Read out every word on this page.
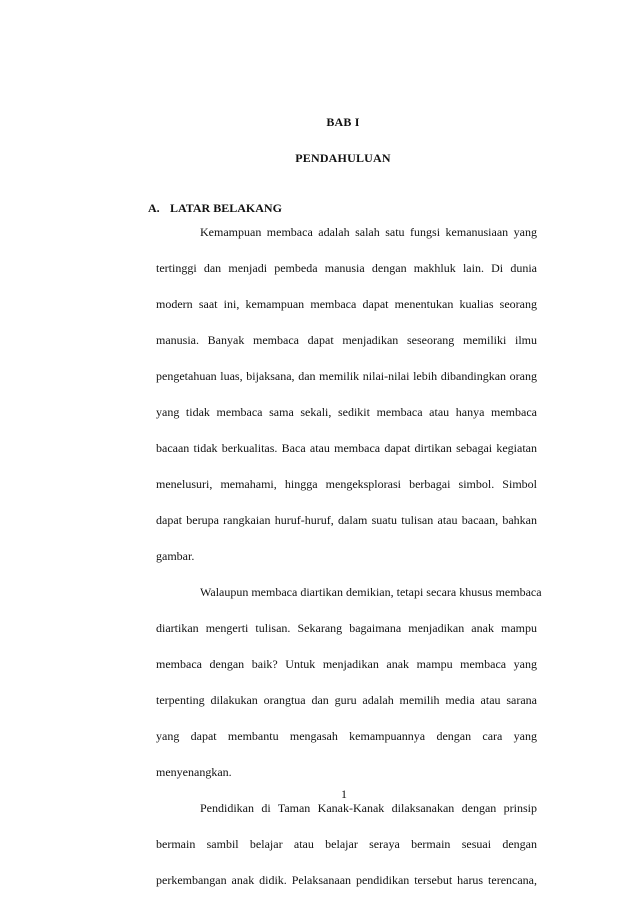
BAB I
PENDAHULUAN
A. LATAR BELAKANG
Kemampuan membaca adalah salah satu fungsi kemanusiaan yang
tertinggi dan menjadi pembeda manusia dengan makhluk lain. Di dunia
modern saat ini, kemampuan membaca dapat menentukan kualias seorang
manusia. Banyak membaca dapat menjadikan seseorang memiliki ilmu
pengetahuan luas, bijaksana, dan memilik nilai-nilai lebih dibandingkan orang
yang tidak membaca sama sekali, sedikit membaca atau hanya membaca
bacaan tidak berkualitas. Baca atau membaca dapat dirtikan sebagai kegiatan
menelusuri, memahami, hingga mengeksplorasi berbagai simbol. Simbol
dapat berupa rangkaian huruf-huruf, dalam suatu tulisan atau bacaan, bahkan
gambar.
Walaupun membaca diartikan demikian, tetapi secara khusus membaca
diartikan mengerti tulisan. Sekarang bagaimana menjadikan anak mampu
membaca dengan baik? Untuk menjadikan anak mampu membaca yang
terpenting dilakukan orangtua dan guru adalah memilih media atau sarana
yang dapat membantu mengasah kemampuannya dengan cara yang
menyenangkan.
Pendidikan di Taman Kanak-Kanak dilaksanakan dengan prinsip
bermain sambil belajar atau belajar seraya bermain sesuai dengan
perkembangan anak didik. Pelaksanaan pendidikan tersebut harus terencana,
1
